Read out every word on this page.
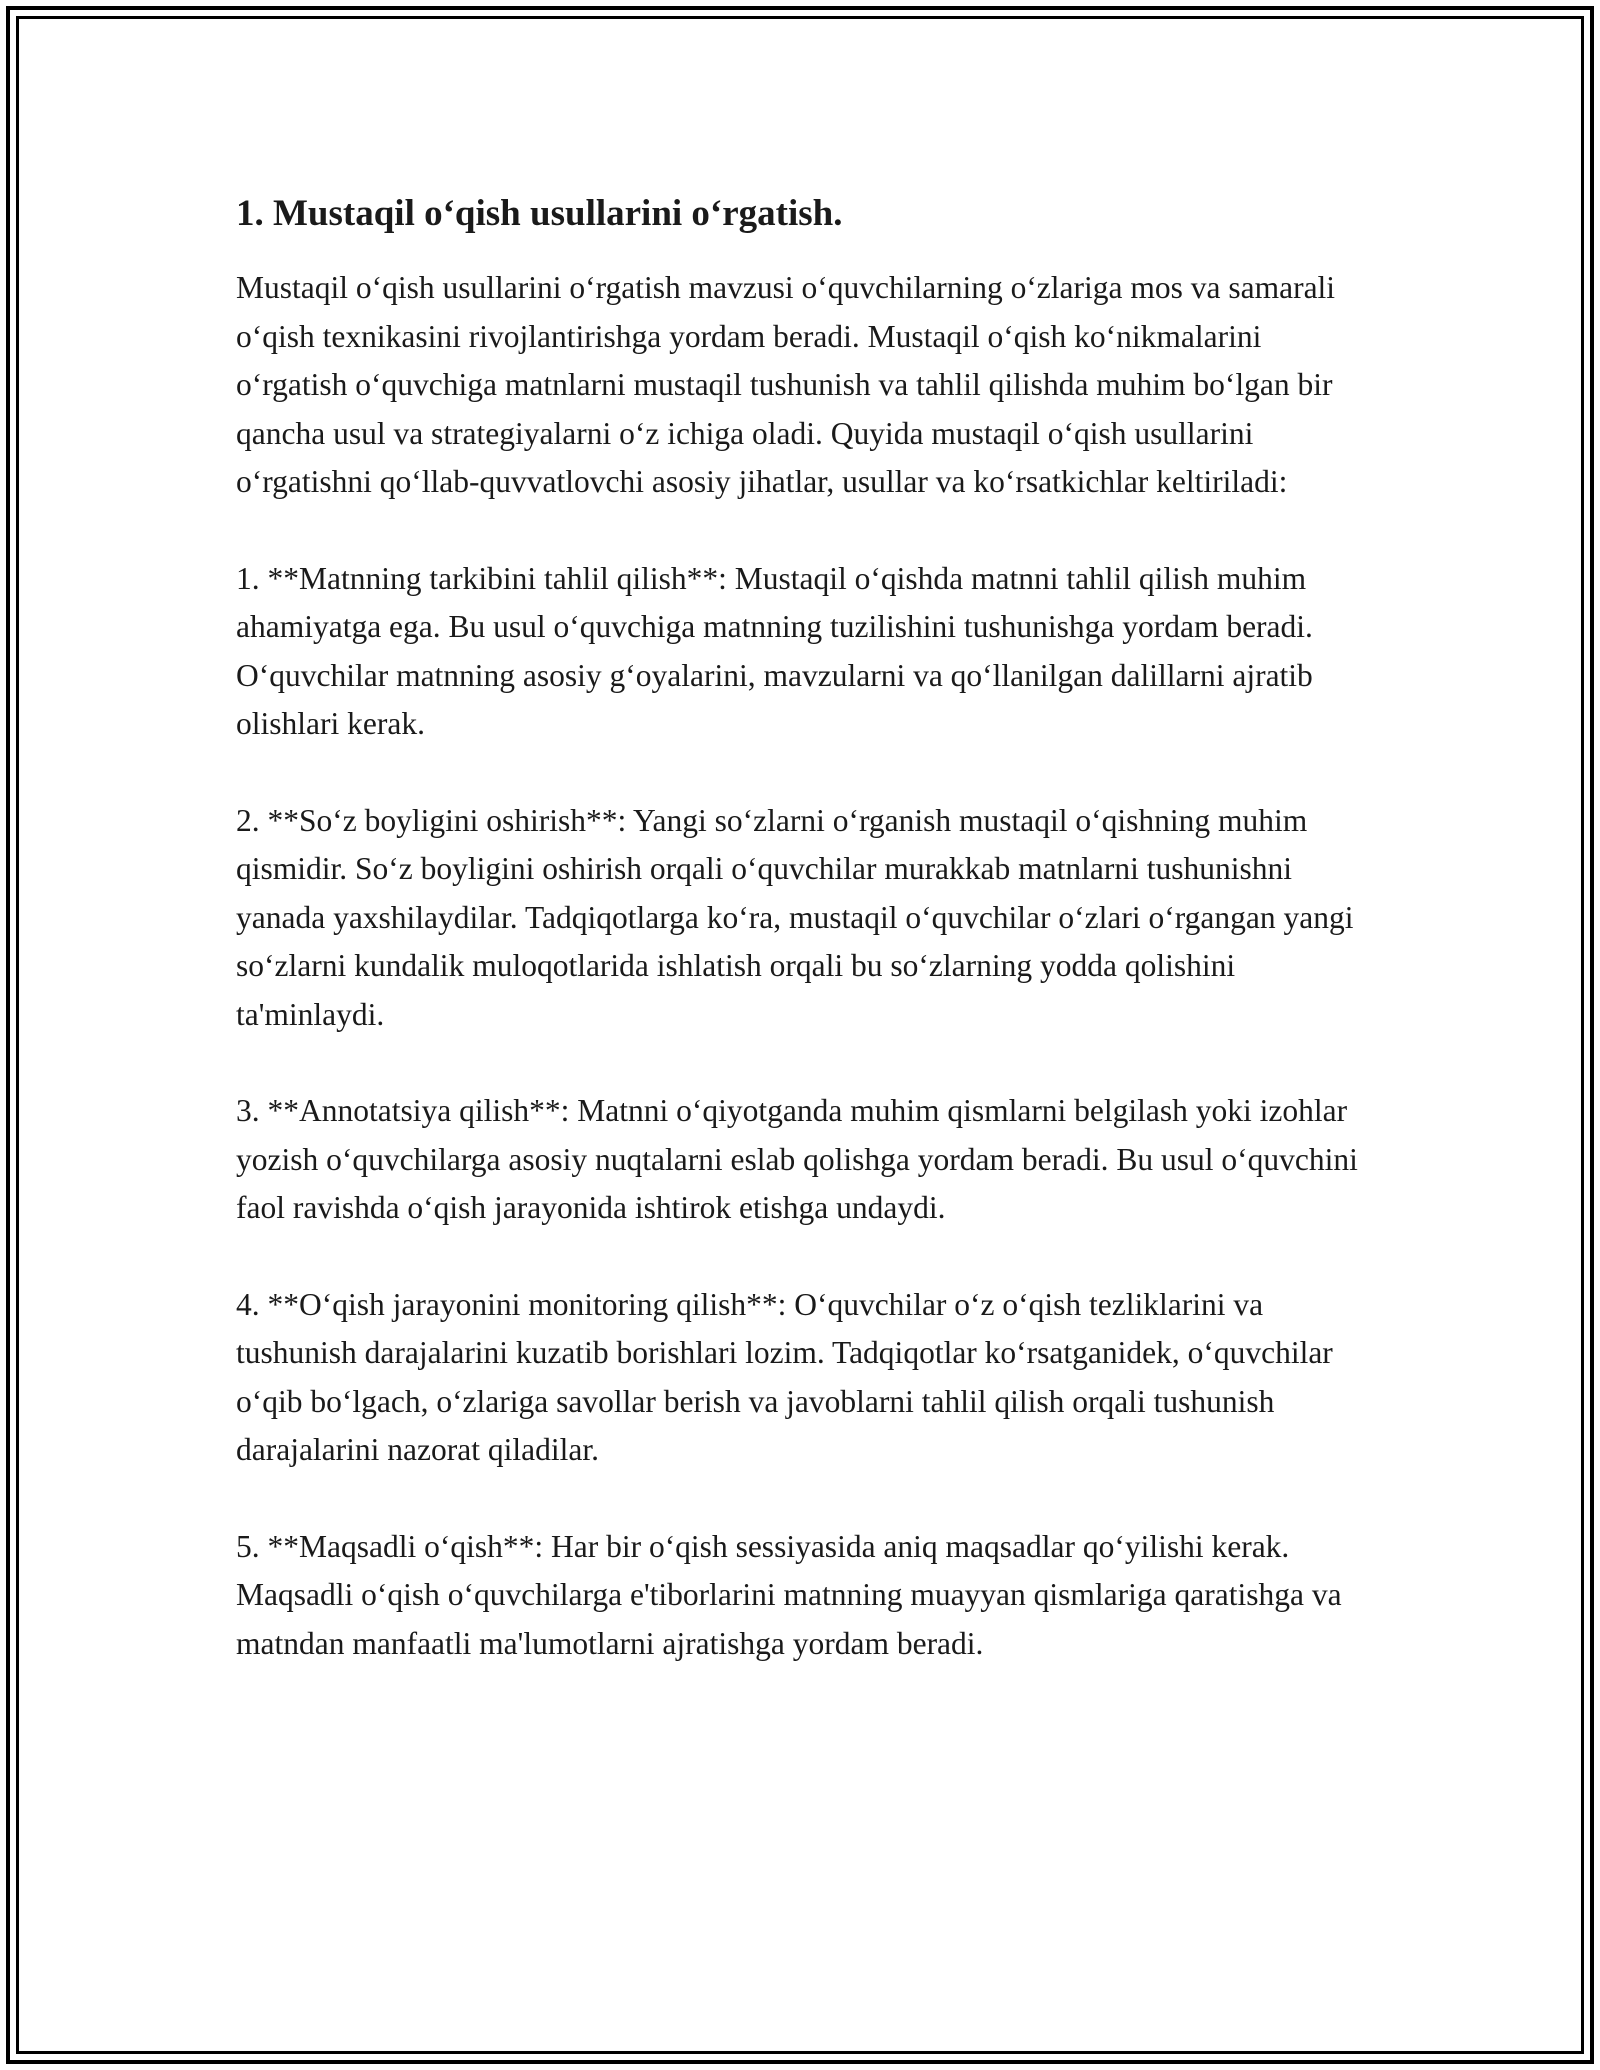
1. Mustaqil o‘qish usullarini o‘rgatish.

Mustaqil o‘qish usullarini o‘rgatish mavzusi o‘quvchilarning o‘zlariga mos va samarali o‘qish texnikasini rivojlantirishga yordam beradi. Mustaqil o‘qish ko‘nikmalarini o‘rgatish o‘quvchiga matnlarni mustaqil tushunish va tahlil qilishda muhim bo‘lgan bir qancha usul va strategiyalarni o‘z ichiga oladi. Quyida mustaqil o‘qish usullarini o‘rgatishni qo‘llab-quvvatlovchi asosiy jihatlar, usullar va ko‘rsatkichlar keltiriladi:

1. **Matnning tarkibini tahlil qilish**: Mustaqil o‘qishda matnni tahlil qilish muhim ahamiyatga ega. Bu usul o‘quvchiga matnning tuzilishini tushunishga yordam beradi. O‘quvchilar matnning asosiy g‘oyalarini, mavzularni va qo‘llanilgan dalillarni ajratib olishlari kerak.

2. **So‘z boyligini oshirish**: Yangi so‘zlarni o‘rganish mustaqil o‘qishning muhim qismidir. So‘z boyligini oshirish orqali o‘quvchilar murakkab matnlarni tushunishni yanada yaxshilaydilar. Tadqiqotlarga ko‘ra, mustaqil o‘quvchilar o‘zlari o‘rgangan yangi so‘zlarni kundalik muloqotlarida ishlatish orqali bu so‘zlarning yodda qolishini ta'minlaydi.

3. **Annotatsiya qilish**: Matnni o‘qiyotganda muhim qismlarni belgilash yoki izohlar yozish o‘quvchilarga asosiy nuqtalarni eslab qolishga yordam beradi. Bu usul o‘quvchini faol ravishda o‘qish jarayonida ishtirok etishga undaydi.

4. **O‘qish jarayonini monitoring qilish**: O‘quvchilar o‘z o‘qish tezliklarini va tushunish darajalarini kuzatib borishlari lozim. Tadqiqotlar ko‘rsatganidek, o‘quvchilar o‘qib bo‘lgach, o‘zlariga savollar berish va javoblarni tahlil qilish orqali tushunish darajalarini nazorat qiladilar.

5. **Maqsadli o‘qish**: Har bir o‘qish sessiyasida aniq maqsadlar qo‘yilishi kerak. Maqsadli o‘qish o‘quvchilarga e'tiborlarini matnning muayyan qismlariga qaratishga va matndan manfaatli ma'lumotlarni ajratishga yordam beradi.
